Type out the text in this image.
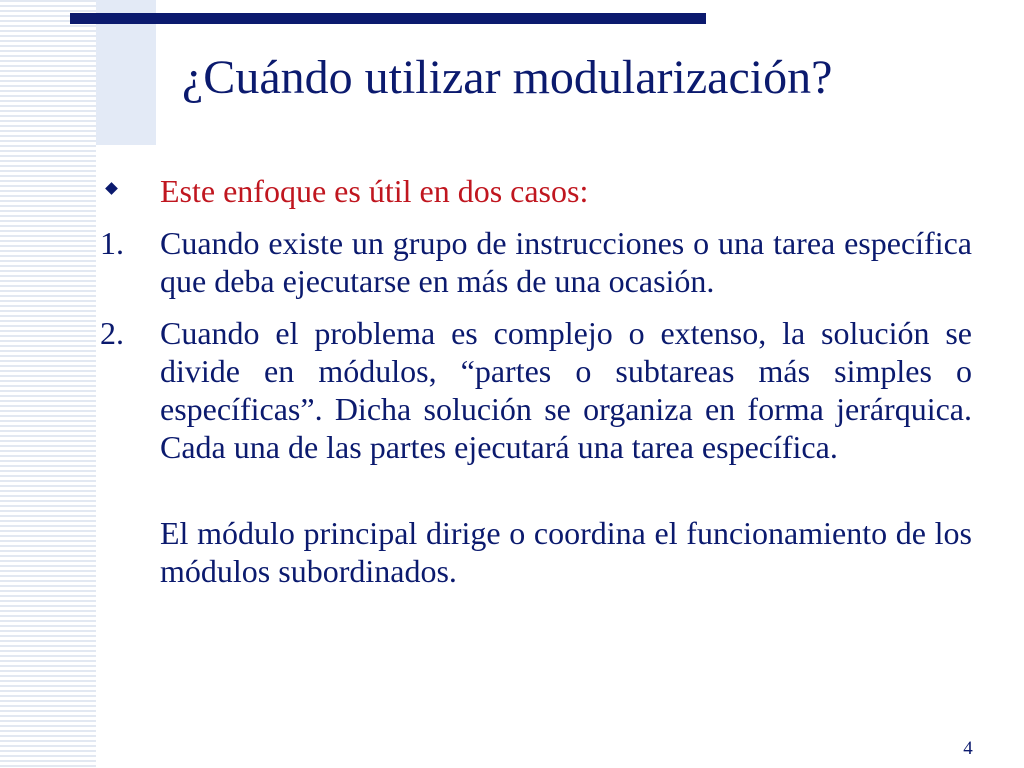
¿Cuándo utilizar modularización?
Este enfoque es útil en dos casos:
1.	Cuando existe un grupo de instrucciones o una tarea específica que deba ejecutarse en más de una ocasión.
2.	Cuando el problema es complejo o extenso, la solución se divide en módulos, “partes o subtareas más simples o específicas”. Dicha solución se organiza en forma jerárquica. Cada una de las partes ejecutará una tarea específica.
El módulo principal dirige o coordina el funcionamiento de los módulos subordinados.
4
